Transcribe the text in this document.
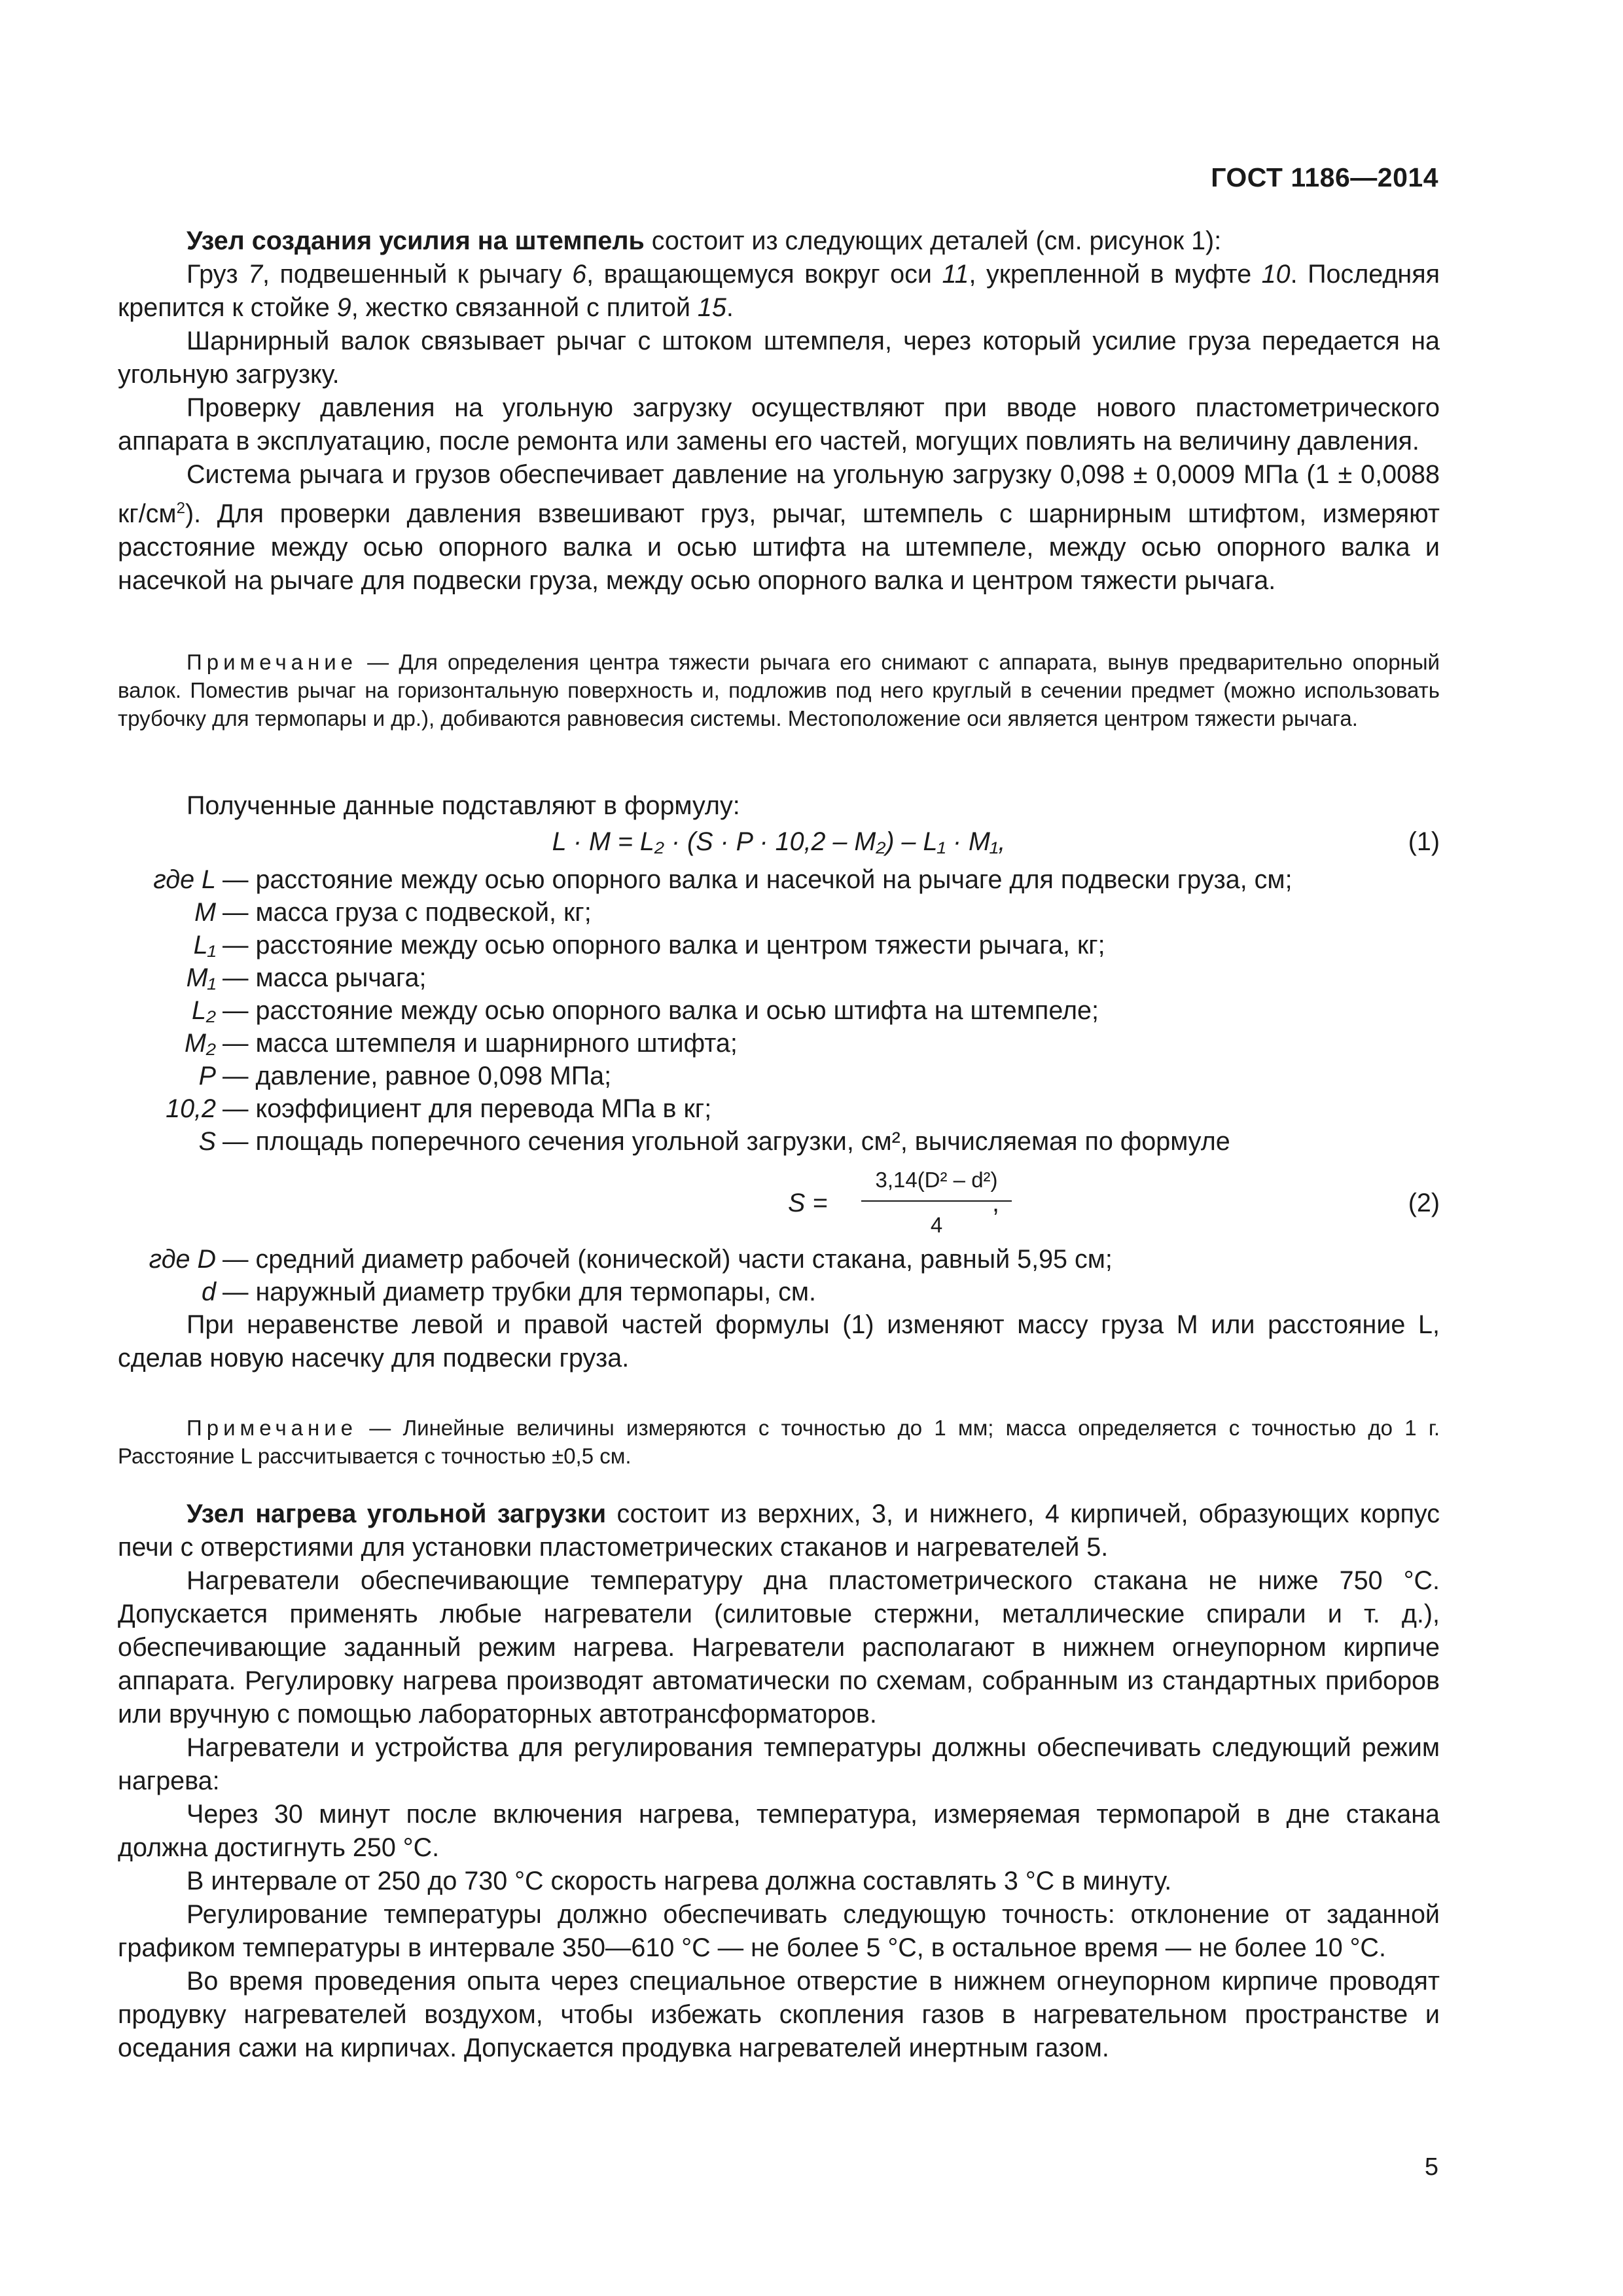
ГОСТ 1186—2014

Узел создания усилия на штемпель состоит из следующих деталей (см. рисунок 1):

Груз 7, подвешенный к рычагу 6, вращающемуся вокруг оси 11, укрепленной в муфте 10. Последняя крепится к стойке 9, жестко связанной с плитой 15.

Шарнирный валок связывает рычаг с штоком штемпеля, через который усилие груза передается на угольную загрузку.

Проверку давления на угольную загрузку осуществляют при вводе нового пластометрического аппарата в эксплуатацию, после ремонта или замены его частей, могущих повлиять на величину давления.

Система рычага и грузов обеспечивает давление на угольную загрузку 0,098 ± 0,0009 МПа (1 ± 0,0088 $кг/см^2$). Для проверки давления взвешивают груз, рычаг, штемпель с шарнирным штифтом, измеряют расстояние между осью опорного валка и осью штифта на штемпеле, между осью опорного валка и насечкой на рычаге для подвески груза, между осью опорного валка и центром тяжести рычага.

Примечание — Для определения центра тяжести рычага его снимают с аппарата, вынув предварительно опорный валок. Поместив рычаг на горизонтальную поверхность и, подложив под него круглый в сечении предмет (можно использовать трубочку для термопары и др.), добиваются равновесия системы. Местоположение оси является центром тяжести рычага.

Полученные данные подставляют в формулу:

L · M = L₂ · (S · P · 10,2 – M₂) – L₁ · M₁,	(1)
где L — расстояние между осью опорного валка и насечкой на рычаге для подвески груза, см;
M — масса груза с подвеской, кг;
L₁ — расстояние между осью опорного валка и центром тяжести рычага, кг;
M₁ — масса рычага;
L₂ — расстояние между осью опорного валка и осью штифта на штемпеле;
M₂ — масса штемпеля и шарнирного штифта;
P — давление, равное 0,098 МПа;
10,2 — коэффициент для перевода МПа в кг;
S — площадь поперечного сечения угольной загрузки, см², вычисляемая по формуле
$S = \frac{\text{3,14(D² – d²)}}{4}$
,	(2)
где D — средний диаметр рабочей (конической) части стакана, равный 5,95 см;
d — наружный диаметр трубки для термопары, см.

При неравенстве левой и правой частей формулы (1) изменяют массу груза М или расстояние L, сделав новую насечку для подвески груза.

Примечание — Линейные величины измеряются с точностью до 1 мм; масса определяется с точностью до 1 г. Расстояние L рассчитывается с точностью ±0,5 см.

Узел нагрева угольной загрузки состоит из верхних, 3, и нижнего, 4 кирпичей, образующих корпус печи с отверстиями для установки пластометрических стаканов и нагревателей 5.

Нагреватели обеспечивающие температуру дна пластометрического стакана не ниже 750 °С. Допускается применять любые нагреватели (силитовые стержни, металлические спирали и т. д.), обеспечивающие заданный режим нагрева. Нагреватели располагают в нижнем огнеупорном кирпиче аппарата. Регулировку нагрева производят автоматически по схемам, собранным из стандартных приборов или вручную с помощью лабораторных автотрансформаторов.

Нагреватели и устройства для регулирования температуры должны обеспечивать следующий режим нагрева:

Через 30 минут после включения нагрева, температура, измеряемая термопарой в дне стакана должна достигнуть 250 °С.

В интервале от 250 до 730 °С скорость нагрева должна составлять 3 °С в минуту.

Регулирование температуры должно обеспечивать следующую точность: отклонение от заданной графиком температуры в интервале 350—610 °С — не более 5 °С, в остальное время — не более 10 °С.

Во время проведения опыта через специальное отверстие в нижнем огнеупорном кирпиче проводят продувку нагревателей воздухом, чтобы избежать скопления газов в нагревательном пространстве и оседания сажи на кирпичах. Допускается продувка нагревателей инертным газом.

5
